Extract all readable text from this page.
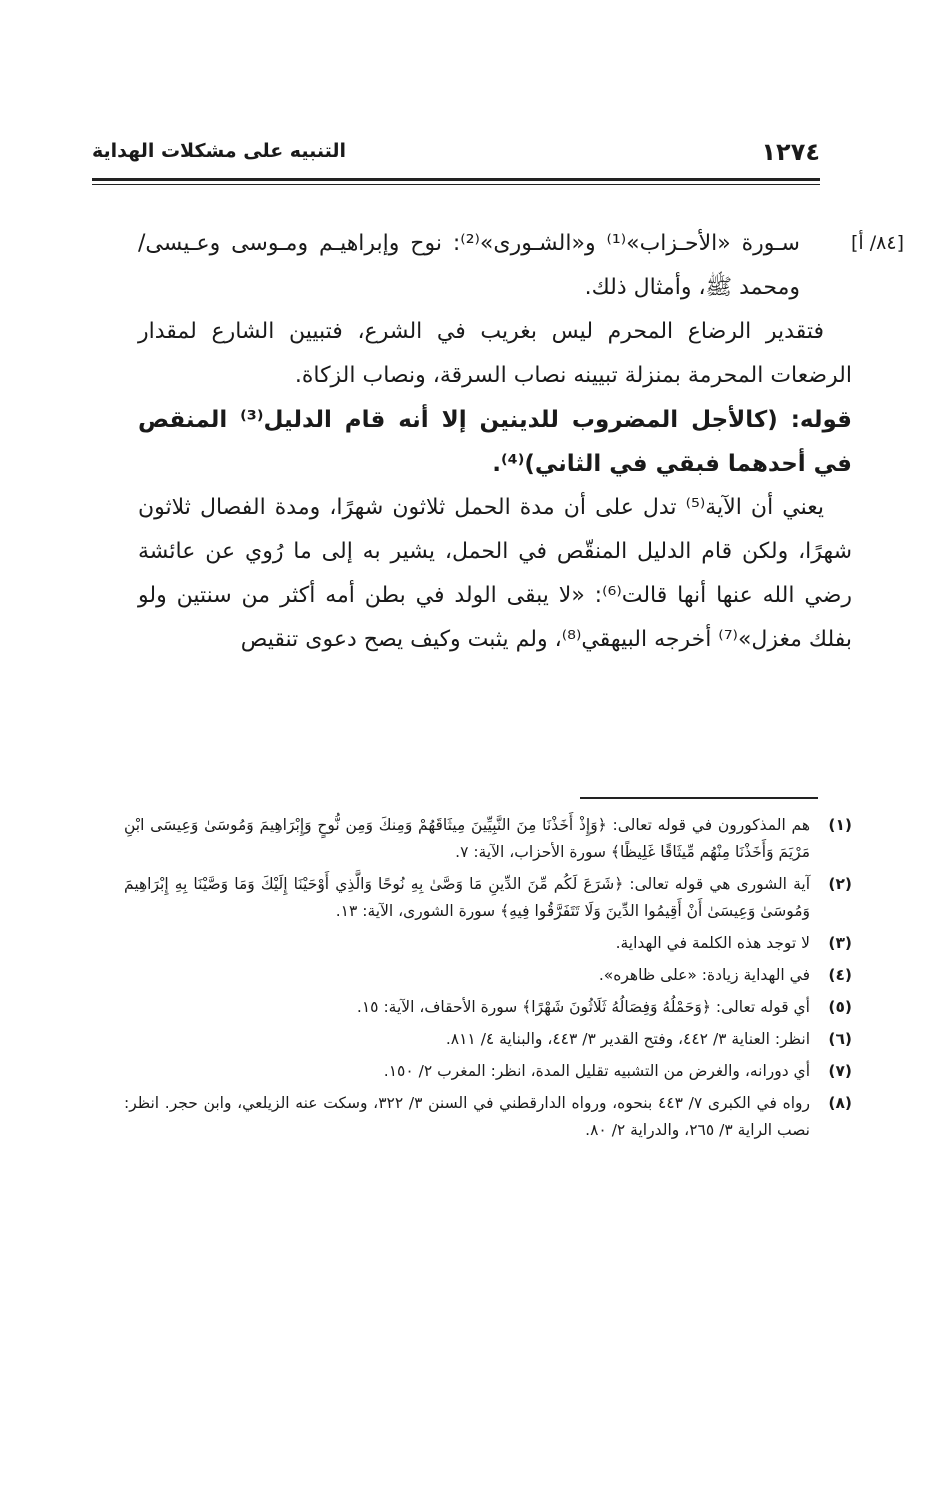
١٢٧٤
التنبيه على مشكلات الهداية
[٨٤/ أ]

سـورة «الأحـزاب»⁽¹⁾ و«الشـورى»⁽²⁾: نوح وإبراهيـم ومـوسى وعـيسى/ ومحمد ﷺ، وأمثال ذلك.

فتقدير الرضاع المحرم ليس بغريب في الشرع، فتبيين الشارع لمقدار الرضعات المحرمة بمنزلة تبيينه نصاب السرقة، ونصاب الزكاة.

قوله: (كالأجل المضروب للدينين إلا أنه قام الدليل⁽³⁾ المنقص في أحدهما فبقي في الثاني)⁽⁴⁾.

يعني أن الآية⁽⁵⁾ تدل على أن مدة الحمل ثلاثون شهرًا، ومدة الفصال ثلاثون شهرًا، ولكن قام الدليل المنقّص في الحمل، يشير به إلى ما رُوي عن عائشة رضي الله عنها أنها قالت⁽⁶⁾: «لا يبقى الولد في بطن أمه أكثر من سنتين ولو بفلك مغزل»⁽⁷⁾ أخرجه البيهقي⁽⁸⁾، ولم يثبت وكيف يصح دعوى تنقيص

(١)
هم المذكورون في قوله تعالى: ﴿وَإِذْ أَخَذْنَا مِنَ النَّبِيِّينَ مِيثَاقَهُمْ وَمِنكَ وَمِن نُّوحٍ وَإِبْرَاهِيمَ وَمُوسَىٰ وَعِيسَى ابْنِ مَرْيَمَ وَأَخَذْنَا مِنْهُم مِّيثَاقًا غَلِيظًا﴾ سورة الأحزاب، الآية: ٧.
(٢)
آية الشورى هي قوله تعالى: ﴿شَرَعَ لَكُم مِّنَ الدِّينِ مَا وَصَّىٰ بِهِ نُوحًا وَالَّذِي أَوْحَيْنَا إِلَيْكَ وَمَا وَصَّيْنَا بِهِ إِبْرَاهِيمَ وَمُوسَىٰ وَعِيسَىٰ أَنْ أَقِيمُوا الدِّينَ وَلَا تَتَفَرَّقُوا فِيهِ﴾ سورة الشورى، الآية: ١٣.
(٣)
لا توجد هذه الكلمة في الهداية.
(٤)
في الهداية زيادة: «على ظاهره».
(٥)
أي قوله تعالى: ﴿وَحَمْلُهُ وَفِصَالُهُ ثَلَاثُونَ شَهْرًا﴾ سورة الأحقاف، الآية: ١٥.
(٦)
انظر: العناية ٣/ ٤٤٢، وفتح القدير ٣/ ٤٤٣، والبناية ٤/ ٨١١.
(٧)
أي دورانه، والغرض من التشبيه تقليل المدة، انظر: المغرب ٢/ ١٥٠.
(٨)
رواه في الكبرى ٧/ ٤٤٣ بنحوه، ورواه الدارقطني في السنن ٣/ ٣٢٢، وسكت عنه الزيلعي، وابن حجر. انظر: نصب الراية ٣/ ٢٦٥، والدراية ٢/ ٨٠.
